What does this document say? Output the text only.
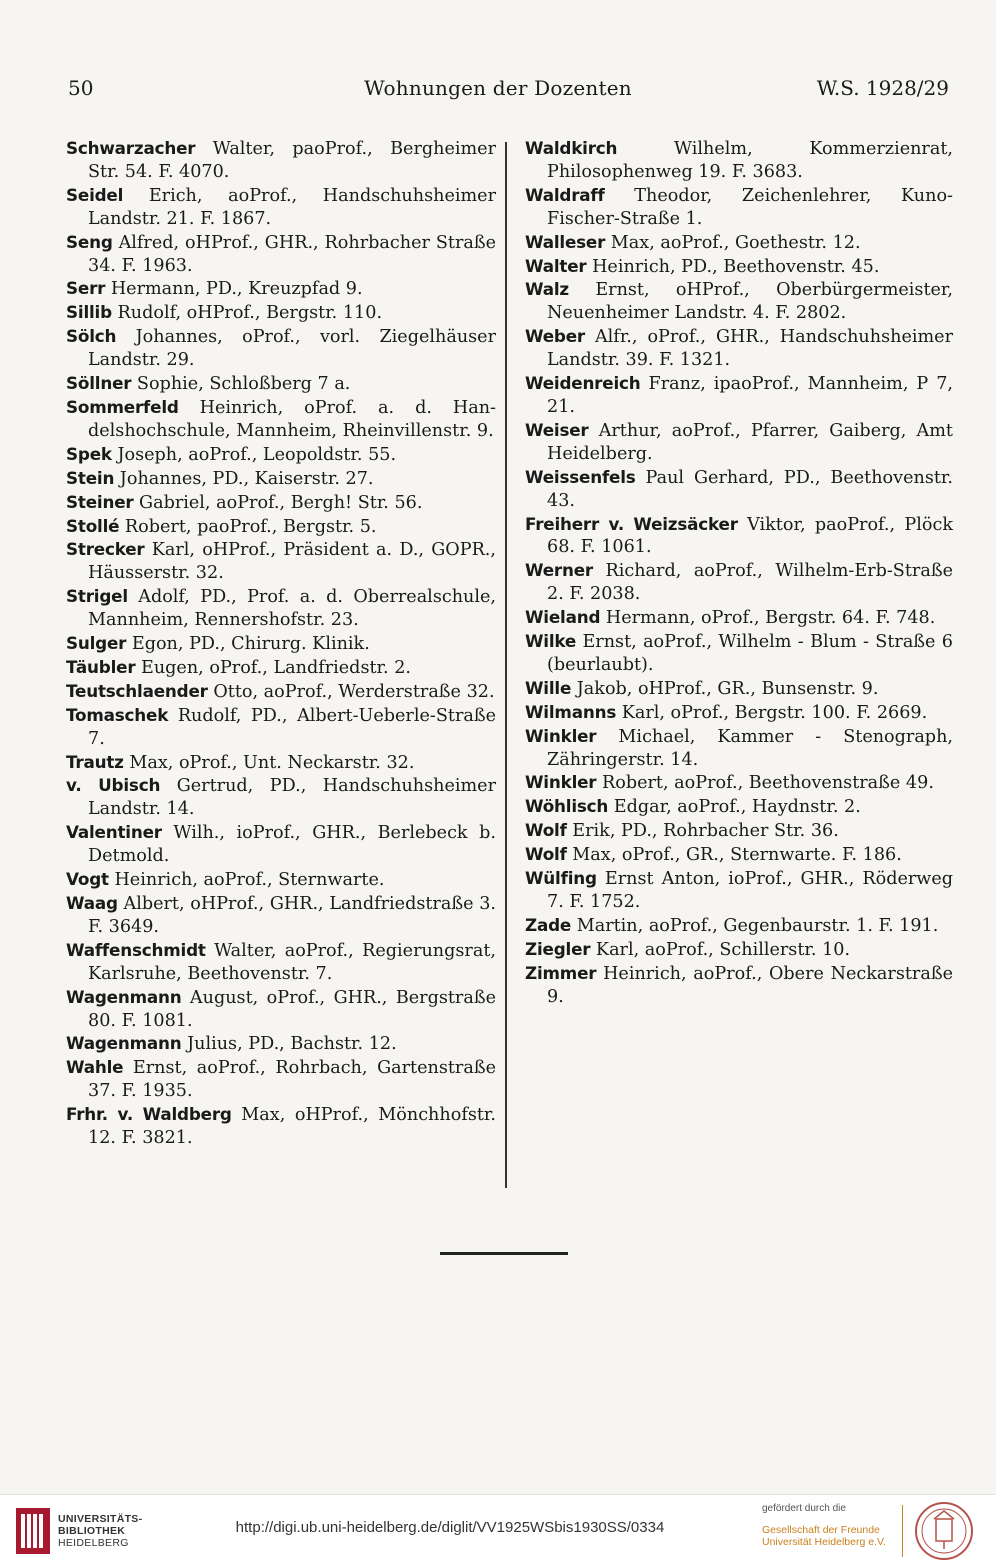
50	Wohnungen der Dozenten	W.S. 1928/29
Schwarzacher Walter, paoProf., Bergheimer Str. 54. F. 4070.
Seidel Erich, aoProf., Handschuhsheimer Landstr. 21. F. 1867.
Seng Alfred, oHProf., GHR., Rohrbacher Straße 34. F. 1963.
Serr Hermann, PD., Kreuzpfad 9.
Sillib Rudolf, oHProf., Bergstr. 110.
Sölch Johannes, oProf., vorl. Ziegelhäuser Landstr. 29.
Söllner Sophie, Schloßberg 7 a.
Sommerfeld Heinrich, oProf. a. d. Handelshochschule, Mannheim, Rheinvillenstr. 9.
Spek Joseph, aoProf., Leopoldstr. 55.
Stein Johannes, PD., Kaiserstr. 27.
Steiner Gabriel, aoProf., Bergh! Str. 56.
Stollé Robert, paoProf., Bergstr. 5.
Strecker Karl, oHProf., Präsident a. D., GOPR., Häusserstr. 32.
Strigel Adolf, PD., Prof. a. d. Oberrealschule, Mannheim, Rennershofstr. 23.
Sulger Egon, PD., Chirurg. Klinik.
Täubler Eugen, oProf., Landfriedstr. 2.
Teutschlaender Otto, aoProf., Werderstraße 32.
Tomaschek Rudolf, PD., Albert-Ueberle-Straße 7.
Trautz Max, oProf., Unt. Neckarstr. 32.
v. Ubisch Gertrud, PD., Handschuhsheimer Landstr. 14.
Valentiner Wilh., ioProf., GHR., Berlebeck b. Detmold.
Vogt Heinrich, aoProf., Sternwarte.
Waag Albert, oHProf., GHR., Landfriedstraße 3. F. 3649.
Waffenschmidt Walter, aoProf., Regierungsrat, Karlsruhe, Beethovenstr. 7.
Wagenmann August, oProf., GHR., Bergstraße 80. F. 1081.
Wagenmann Julius, PD., Bachstr. 12.
Wahle Ernst, aoProf., Rohrbach, Gartenstraße 37. F. 1935.
Frhr. v. Waldberg Max, oHProf., Mönchhofstr. 12. F. 3821.
Waldkirch	Wilhelm, Kommerzienrat, Philosophenweg 19. F. 3683.
Waldraff Theodor, Zeichenlehrer, Kuno-Fischer-Straße 1.
Walleser Max, aoProf., Goethestr. 12.
Walter Heinrich, PD., Beethovenstr. 45.
Walz Ernst, oHProf., Oberbürgermeister, Neuenheimer Landstr. 4. F. 2802.
Weber Alfr., oProf., GHR., Handschuhsheimer Landstr. 39. F. 1321.
Weidenreich Franz, ipaoProf., Mannheim, P 7, 21.
Weiser Arthur, aoProf., Pfarrer, Gaiberg, Amt Heidelberg.
Weissenfels Paul Gerhard, PD., Beethovenstr. 43.
Freiherr v. Weizsäcker Viktor, paoProf., Plöck 68. F. 1061.
Werner Richard, aoProf., Wilhelm-Erb-Straße 2. F. 2038.
Wieland Hermann, oProf., Bergstr. 64. F. 748.
Wilke Ernst, aoProf., Wilhelm - Blum - Straße 6 (beurlaubt).
Wille Jakob, oHProf., GR., Bunsenstr. 9.
Wilmanns Karl, oProf., Bergstr. 100. F. 2669.
Winkler Michael, Kammer - Stenograph, Zähringerstr. 14.
Winkler Robert, aoProf., Beethovenstraße 49.
Wöhlisch Edgar, aoProf., Haydnstr. 2.
Wolf Erik, PD., Rohrbacher Str. 36.
Wolf Max, oProf., GR., Sternwarte. F. 186.
Wülfing Ernst Anton, ioProf., GHR., Röderweg 7. F. 1752.
Zade Martin, aoProf., Gegenbaurstr. 1. F. 191.
Ziegler Karl, aoProf., Schillerstr. 10.
Zimmer Heinrich, aoProf., Obere Neckarstraße 9.
UNIVERSITÄTS-
BIBLIOTHEK
HEIDELBERG
http://digi.ub.uni-heidelberg.de/diglit/VV1925WSbis1930SS/0334
gefördert durch die
Gesellschaft der Freunde
Universität Heidelberg e.V.
